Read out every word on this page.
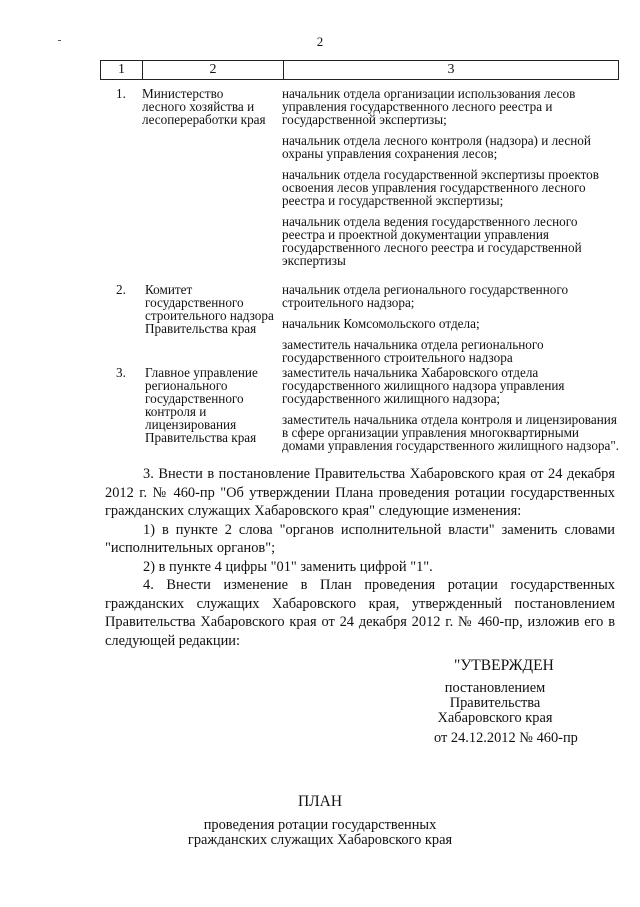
2
1	2	3
1. Министерство лесного хозяйства и лесопереработки края

начальник отдела организации использования лесов управления государственного лесного реестра и государственной экспертизы;

начальник отдела лесного контроля (надзора) и лесной охраны управления сохранения лесов;

начальник отдела государственной экспертизы проектов освоения лесов управления государственного лесного реестра и государственной экспертизы;

начальник отдела ведения государственного лесного реестра и проектной документации управления государственного лесного реестра и государственной экспертизы

2. Комитет государственного строительного надзора Правительства края

начальник отдела регионального государственного строительного надзора;

начальник Комсомольского отдела;

заместитель начальника отдела регионального государственного строительного надзора

3. Главное управление регионального государственного контроля и лицензирования Правительства края

заместитель начальника Хабаровского отдела государственного жилищного надзора управления государственного жилищного надзора;

заместитель начальника отдела контроля и лицензирования в сфере организации управления многоквартирными домами управления государственного жилищного надзора".

3. Внести в постановление Правительства Хабаровского края от 24 декабря 2012 г. № 460-пр "Об утверждении Плана проведения ротации государственных гражданских служащих Хабаровского края" следующие изменения:

1) в пункте 2 слова "органов исполнительной власти" заменить словами "исполнительных органов";

2) в пункте 4 цифры "01" заменить цифрой "1".

4. Внести изменение в План проведения ротации государственных гражданских служащих Хабаровского края, утвержденный постановлением Правительства Хабаровского края от 24 декабря 2012 г. № 460-пр, изложив его в следующей редакции:

"УТВЕРЖДЕН
постановлением
Правительства
Хабаровского края
от 24.12.2012 № 460-пр
ПЛАН
проведения ротации государственных
гражданских служащих Хабаровского края
